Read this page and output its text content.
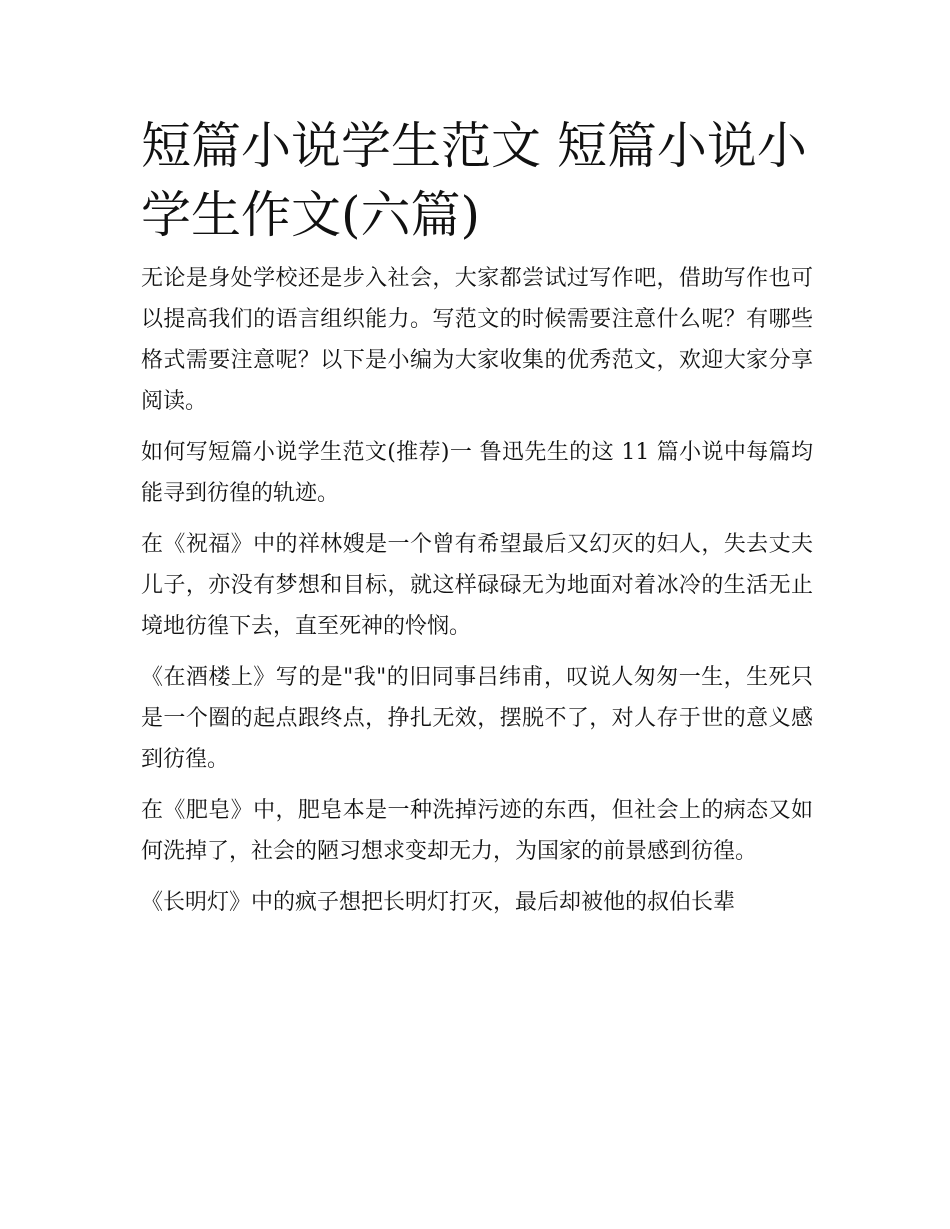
短篇小说学生范文 短篇小说小学生作文(六篇)

无论是身处学校还是步入社会，大家都尝试过写作吧，借助写作也可以提高我们的语言组织能力。写范文的时候需要注意什么呢？有哪些格式需要注意呢？以下是小编为大家收集的优秀范文，欢迎大家分享阅读。

如何写短篇小说学生范文(推荐)一 鲁迅先生的这 11 篇小说中每篇均能寻到彷徨的轨迹。

在《祝福》中的祥林嫂是一个曾有希望最后又幻灭的妇人，失去丈夫儿子，亦没有梦想和目标，就这样碌碌无为地面对着冰冷的生活无止境地彷徨下去，直至死神的怜悯。

《在酒楼上》写的是"我"的旧同事吕纬甫，叹说人匆匆一生，生死只是一个圈的起点跟终点，挣扎无效，摆脱不了，对人存于世的意义感到彷徨。

在《肥皂》中，肥皂本是一种洗掉污迹的东西，但社会上的病态又如何洗掉了，社会的陋习想求变却无力，为国家的前景感到彷徨。

《长明灯》中的疯子想把长明灯打灭，最后却被他的叔伯长辈
